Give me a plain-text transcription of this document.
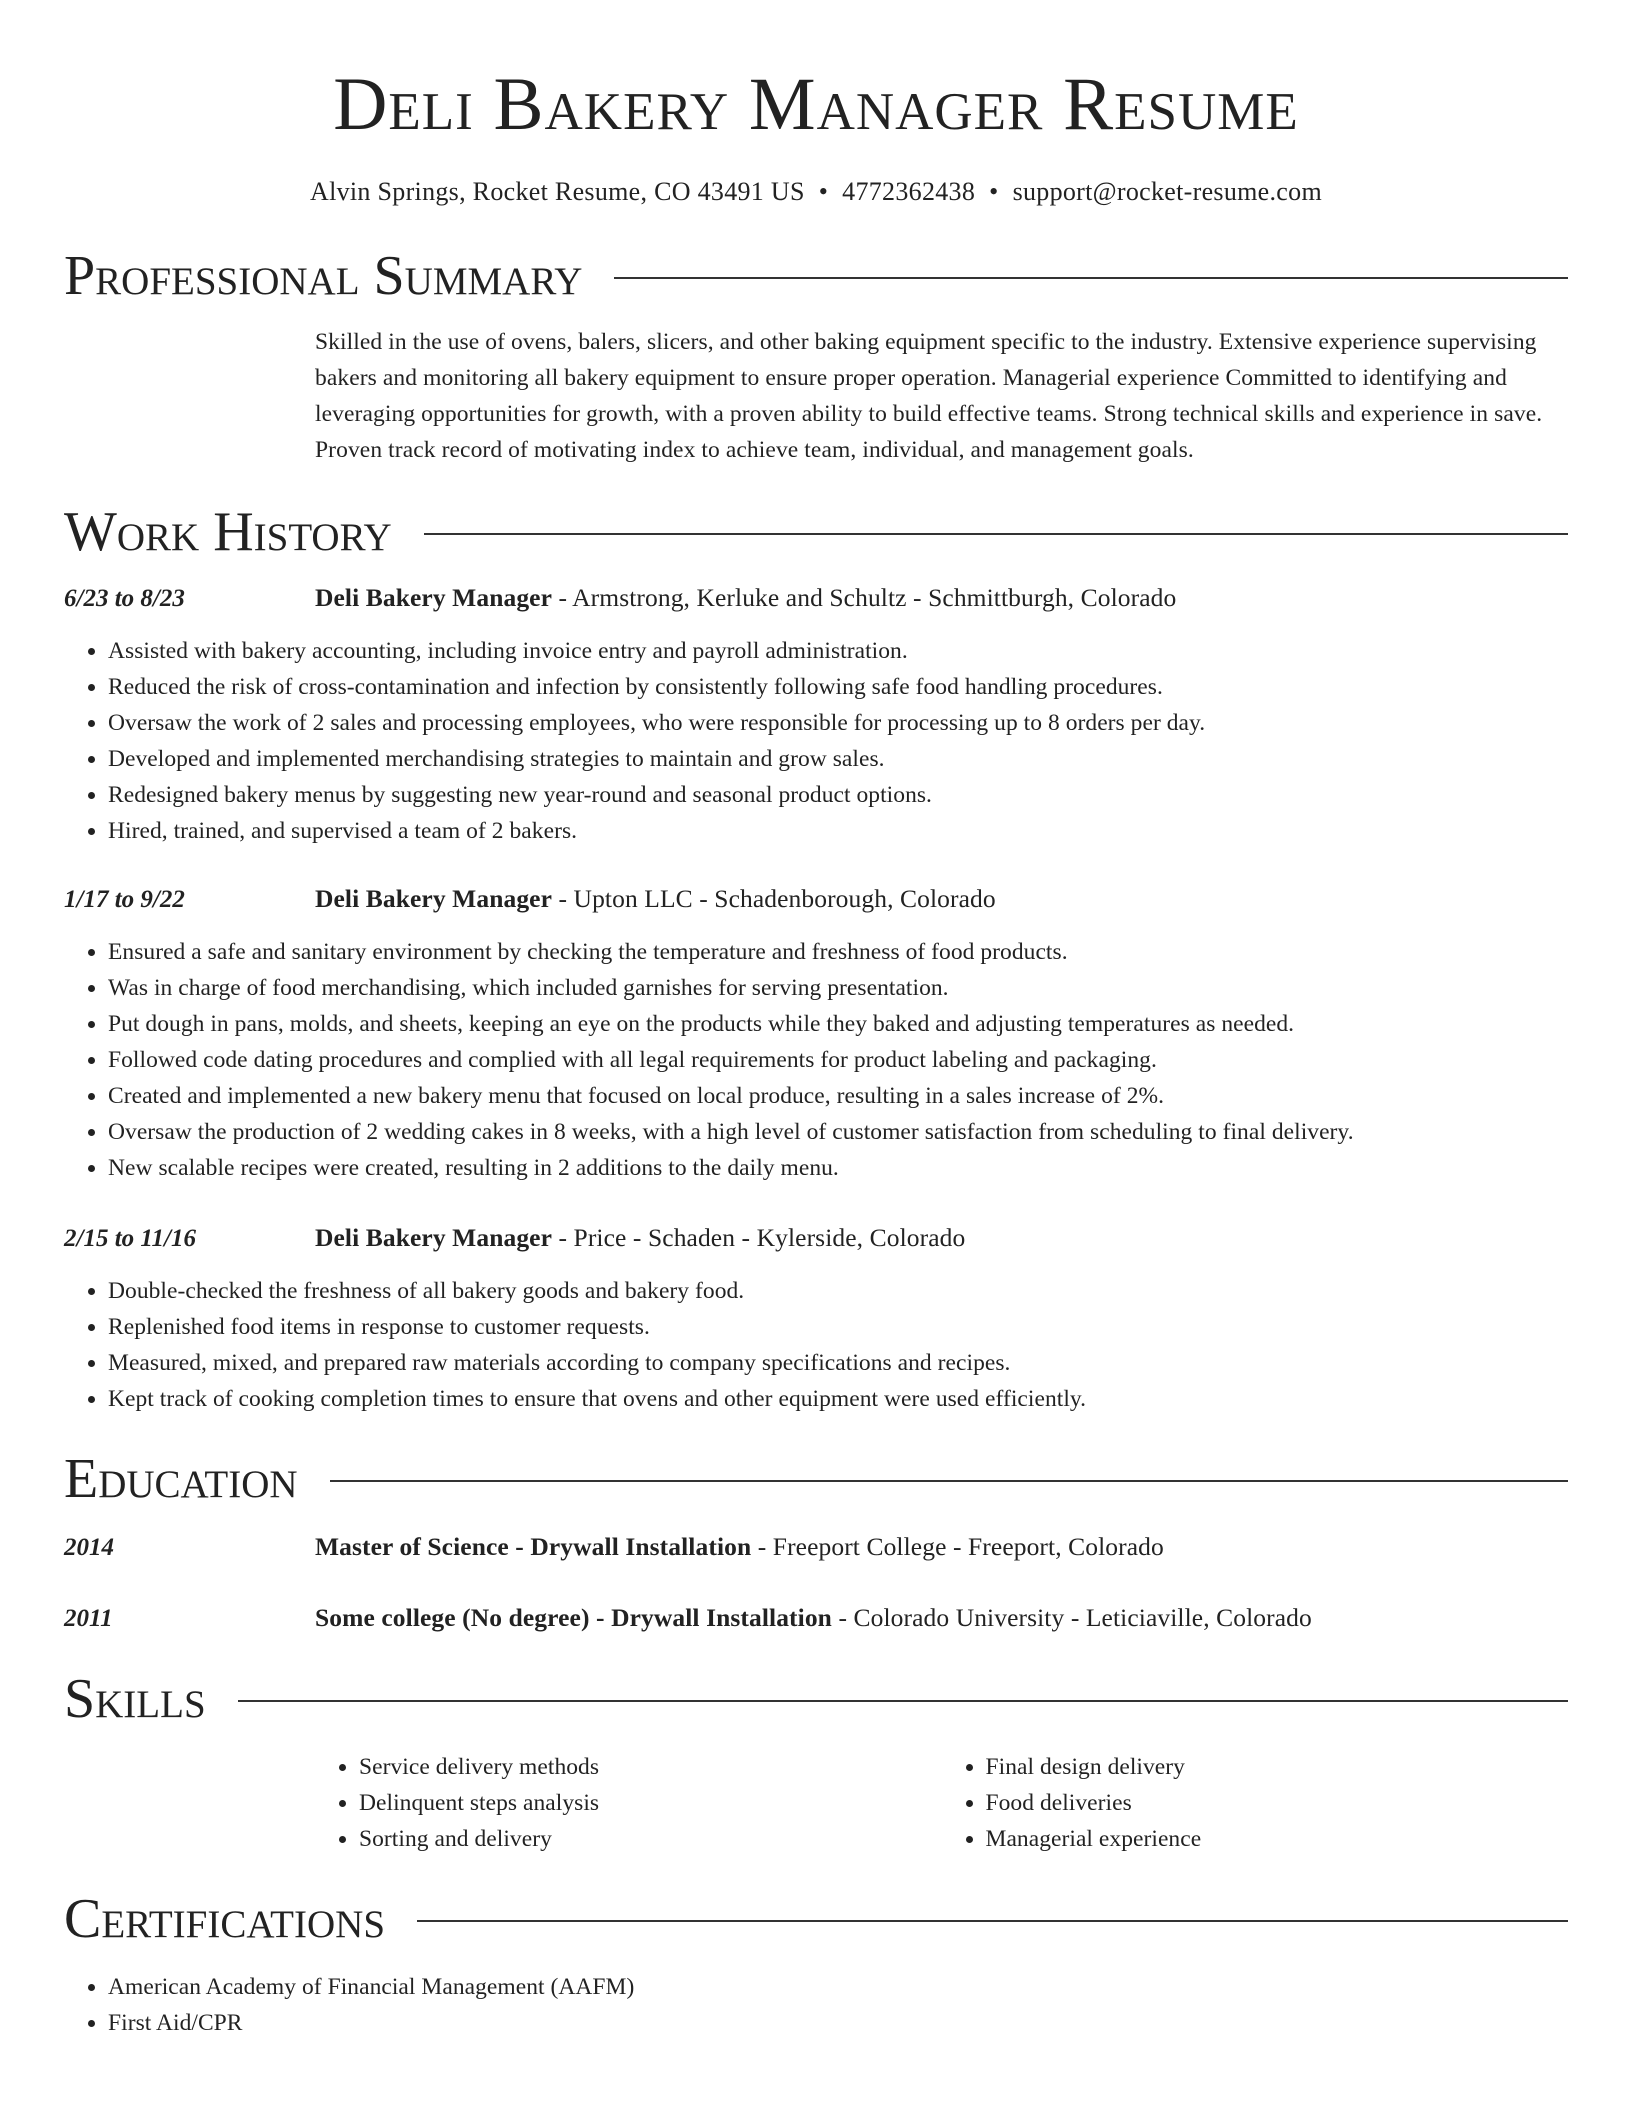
Deli Bakery Manager Resume
Alvin Springs, Rocket Resume, CO 43491 US • 4772362438 • support@rocket-resume.com
Professional Summary
Skilled in the use of ovens, balers, slicers, and other baking equipment specific to the industry. Extensive experience supervising bakers and monitoring all bakery equipment to ensure proper operation. Managerial experience Committed to identifying and leveraging opportunities for growth, with a proven ability to build effective teams. Strong technical skills and experience in save. Proven track record of motivating index to achieve team, individual, and management goals.
Work History
6/23 to 8/23	Deli Bakery Manager - Armstrong, Kerluke and Schultz - Schmittburgh, Colorado
• Assisted with bakery accounting, including invoice entry and payroll administration.
• Reduced the risk of cross-contamination and infection by consistently following safe food handling procedures.
• Oversaw the work of 2 sales and processing employees, who were responsible for processing up to 8 orders per day.
• Developed and implemented merchandising strategies to maintain and grow sales.
• Redesigned bakery menus by suggesting new year-round and seasonal product options.
• Hired, trained, and supervised a team of 2 bakers.
1/17 to 9/22	Deli Bakery Manager - Upton LLC - Schadenborough, Colorado
• Ensured a safe and sanitary environment by checking the temperature and freshness of food products.
• Was in charge of food merchandising, which included garnishes for serving presentation.
• Put dough in pans, molds, and sheets, keeping an eye on the products while they baked and adjusting temperatures as needed.
• Followed code dating procedures and complied with all legal requirements for product labeling and packaging.
• Created and implemented a new bakery menu that focused on local produce, resulting in a sales increase of 2%.
• Oversaw the production of 2 wedding cakes in 8 weeks, with a high level of customer satisfaction from scheduling to final delivery.
• New scalable recipes were created, resulting in 2 additions to the daily menu.
2/15 to 11/16	Deli Bakery Manager - Price - Schaden - Kylerside, Colorado
• Double-checked the freshness of all bakery goods and bakery food.
• Replenished food items in response to customer requests.
• Measured, mixed, and prepared raw materials according to company specifications and recipes.
• Kept track of cooking completion times to ensure that ovens and other equipment were used efficiently.
Education
2014	Master of Science - Drywall Installation - Freeport College - Freeport, Colorado
2011	Some college (No degree) - Drywall Installation - Colorado University - Leticiaville, Colorado
Skills
• Service delivery methods
• Delinquent steps analysis
• Sorting and delivery
• Final design delivery
• Food deliveries
• Managerial experience
Certifications
• American Academy of Financial Management (AAFM)
• First Aid/CPR
